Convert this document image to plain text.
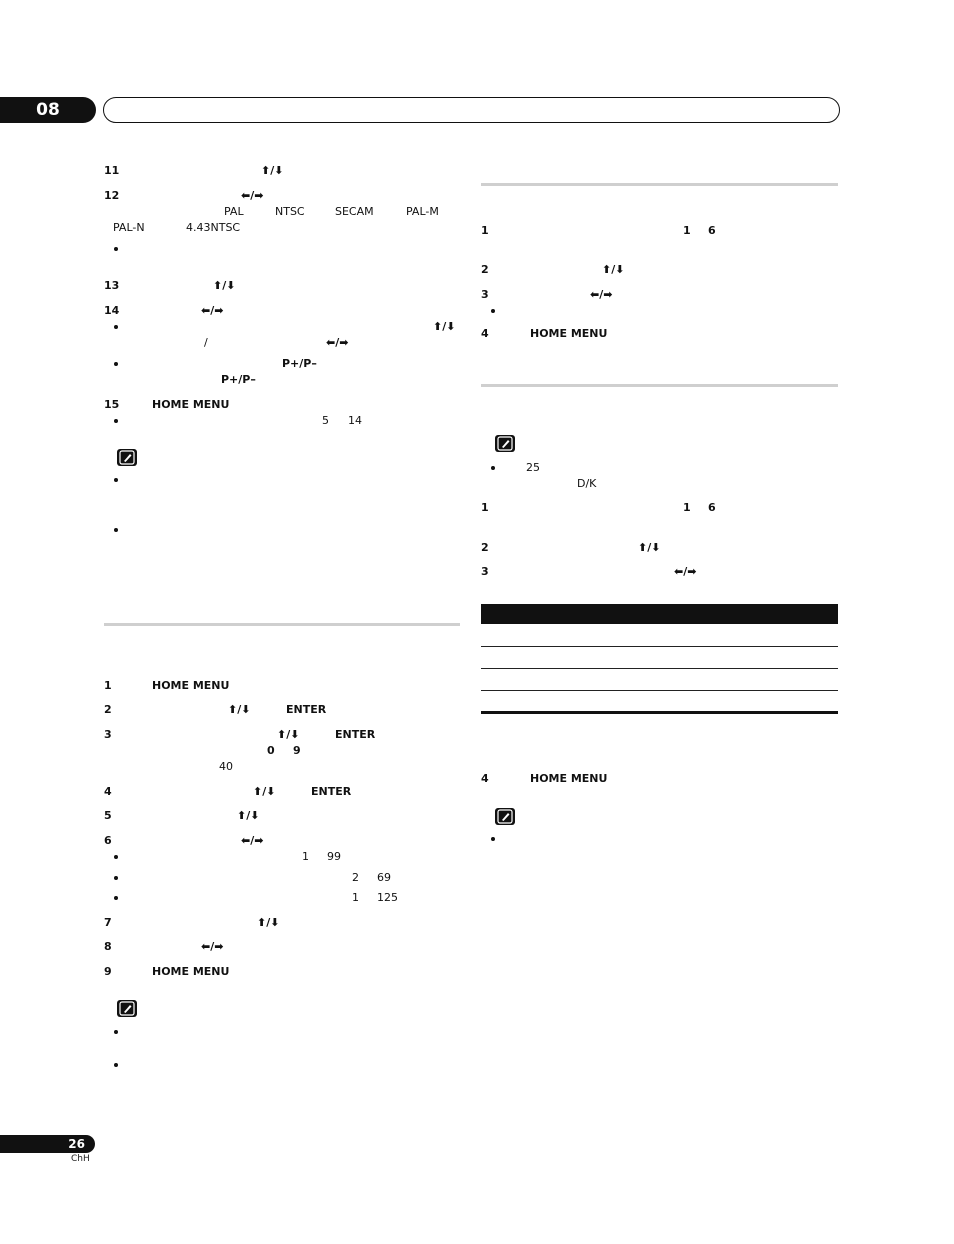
08
11	⬆/⬇
12	⬅/➡
PAL	NTSC	SECAM	PAL-M
PAL-N	4.43NTSC
13	⬆/⬇
14	⬅/➡
⬆/⬇
/	⬅/➡
P+/P–
P+/P–
15	HOME MENU
5 14
1	HOME MENU
2	⬆/⬇	ENTER
3	⬆/⬇	ENTER
0 9
40
4	⬆/⬇	ENTER
5	⬆/⬇
6	⬅/➡
1 99
2 69
1 125
7	⬆/⬇
8	⬅/➡
9	HOME MENU
1	1 6
2	⬆/⬇
3	⬅/➡
4	HOME MENU
25
D/K
1	1 6
2	⬆/⬇
3	⬅/➡
4	HOME MENU
26
ChH
